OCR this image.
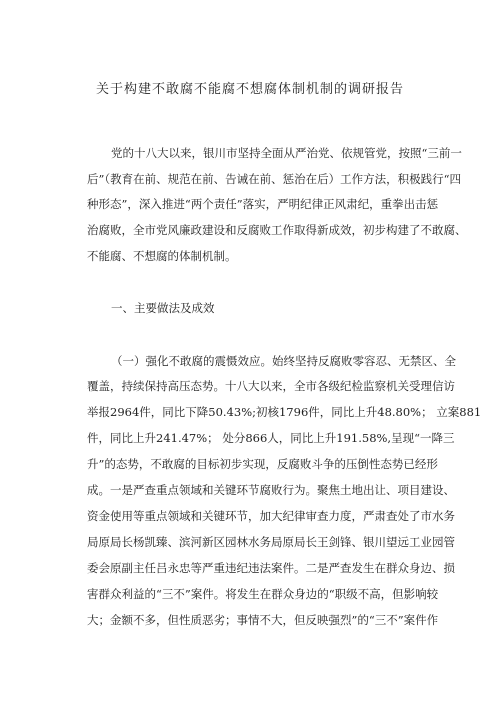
关于构建不敢腐不能腐不想腐体制机制的调研报告
党的十八大以来，银川市坚持全面从严治党、依规管党，按照“三前一
后”（教育在前、规范在前、告诫在前、惩治在后）工作方法，积极践行“四
种形态”，深入推进“两个责任”落实，严明纪律正风肃纪，重拳出击惩
治腐败，全市党风廉政建设和反腐败工作取得新成效，初步构建了不敢腐、
不能腐、不想腐的体制机制。
一、主要做法及成效
（一）强化不敢腐的震慑效应。始终坚持反腐败零容忍、无禁区、全
覆盖，持续保持高压态势。十八大以来，全市各级纪检监察机关受理信访
举报2964件，同比下降50.43%;初核1796件，同比上升48.80%； 立案881
件，同比上升241.47%； 处分866人，同比上升191.58%,呈现“一降三
升”的态势，不敢腐的目标初步实现，反腐败斗争的压倒性态势已经形
成。一是严查重点领域和关键环节腐败行为。聚焦土地出让、项目建设、
资金使用等重点领域和关键环节，加大纪律审查力度，严肃查处了市水务
局原局长杨凯臻、滨河新区园林水务局原局长王剑锋、银川望远工业园管
委会原副主任吕永忠等严重违纪违法案件。二是严查发生在群众身边、损
害群众利益的“三不”案件。将发生在群众身边的“职级不高，但影响较
大；金额不多，但性质恶劣；事情不大，但反映强烈”的“三不”案件作
